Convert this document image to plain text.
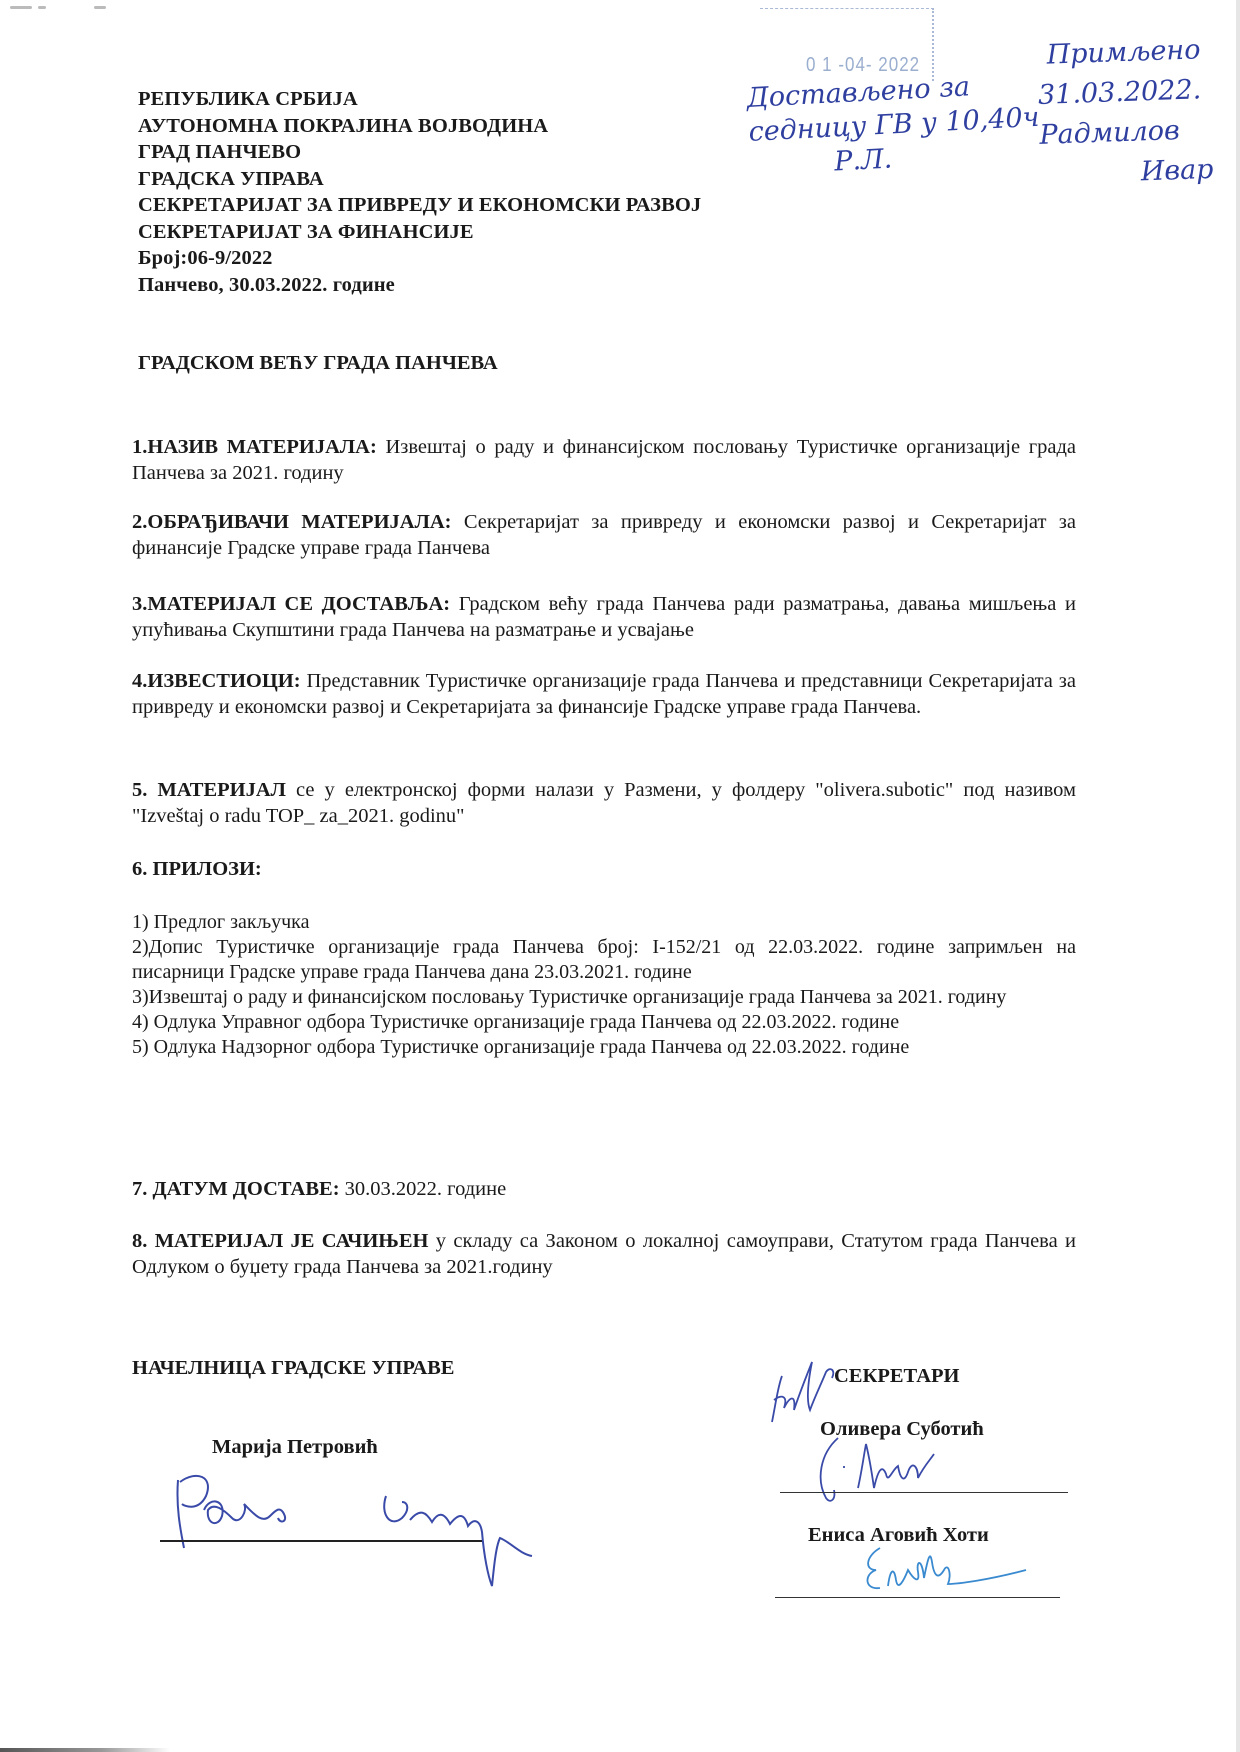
РЕПУБЛИКА СРБИЈА
АУТОНОМНА ПОКРАЈИНА ВОЈВОДИНА
ГРАД ПАНЧЕВО
ГРАДСКА УПРАВА
СЕКРЕТАРИЈАТ ЗА ПРИВРЕДУ И ЕКОНОМСКИ РАЗВОЈ
СЕКРЕТАРИЈАТ ЗА ФИНАНСИЈЕ
Број:06-9/2022
Панчево, 30.03.2022. године
0 1 -04- 2022
Достављено за
седницу ГВ у 10,40ч
Р.Л.
Примљено
31.03.2022.
Радмилов
Ивар
ГРАДСКОМ ВЕЋУ ГРАДА ПАНЧЕВА
1.НАЗИВ МАТЕРИЈАЛА: Извештај о раду и финансијском пословању Туристичке организације града Панчева за 2021. годину
2.ОБРАЂИВАЧИ МАТЕРИЈАЛА: Секретаријат за привреду и економски развој и Секретаријат за финансије Градске управе града Панчева
3.МАТЕРИЈАЛ СЕ ДОСТАВЉА: Градском већу града Панчева ради разматрања, давања мишљења и упућивања Скупштини града Панчева на разматрање и усвајање
4.ИЗВЕСТИОЦИ: Представник Туристичке организације града Панчева и представници Секретаријата за привреду и економски развој и Секретаријата за финансије Градске управе града Панчева.
5. МАТЕРИЈАЛ се у електронској форми налази у Размени, у фолдеру "olivera.subotic" под називом "Izveštaj o radu TOP_ za_2021. godinu"
6. ПРИЛОЗИ:
1) Предлог закључка
2)Допис Туристичке организације града Панчева број: I-152/21 од 22.03.2022. године запримљен на писарници Градске управе града Панчева дана 23.03.2021. године
3)Извештај о раду и финансијском пословању Туристичке организације града Панчева за 2021. годину
4) Одлука Управног одбора Туристичке организације града Панчева од 22.03.2022. године
5) Одлука Надзорног одбора Туристичке организације града Панчева од 22.03.2022. године
7. ДАТУМ ДОСТАВЕ: 30.03.2022. године
8. МАТЕРИЈАЛ ЈЕ САЧИЊЕН у складу са Законом о локалној самоуправи, Статутом града Панчева и Одлуком о буџету града Панчева за 2021.годину
НАЧЕЛНИЦА ГРАДСКЕ УПРАВЕ
Марија Петровић
СЕКРЕТАРИ
Оливера Суботић
Ениса Аговић Хоти
